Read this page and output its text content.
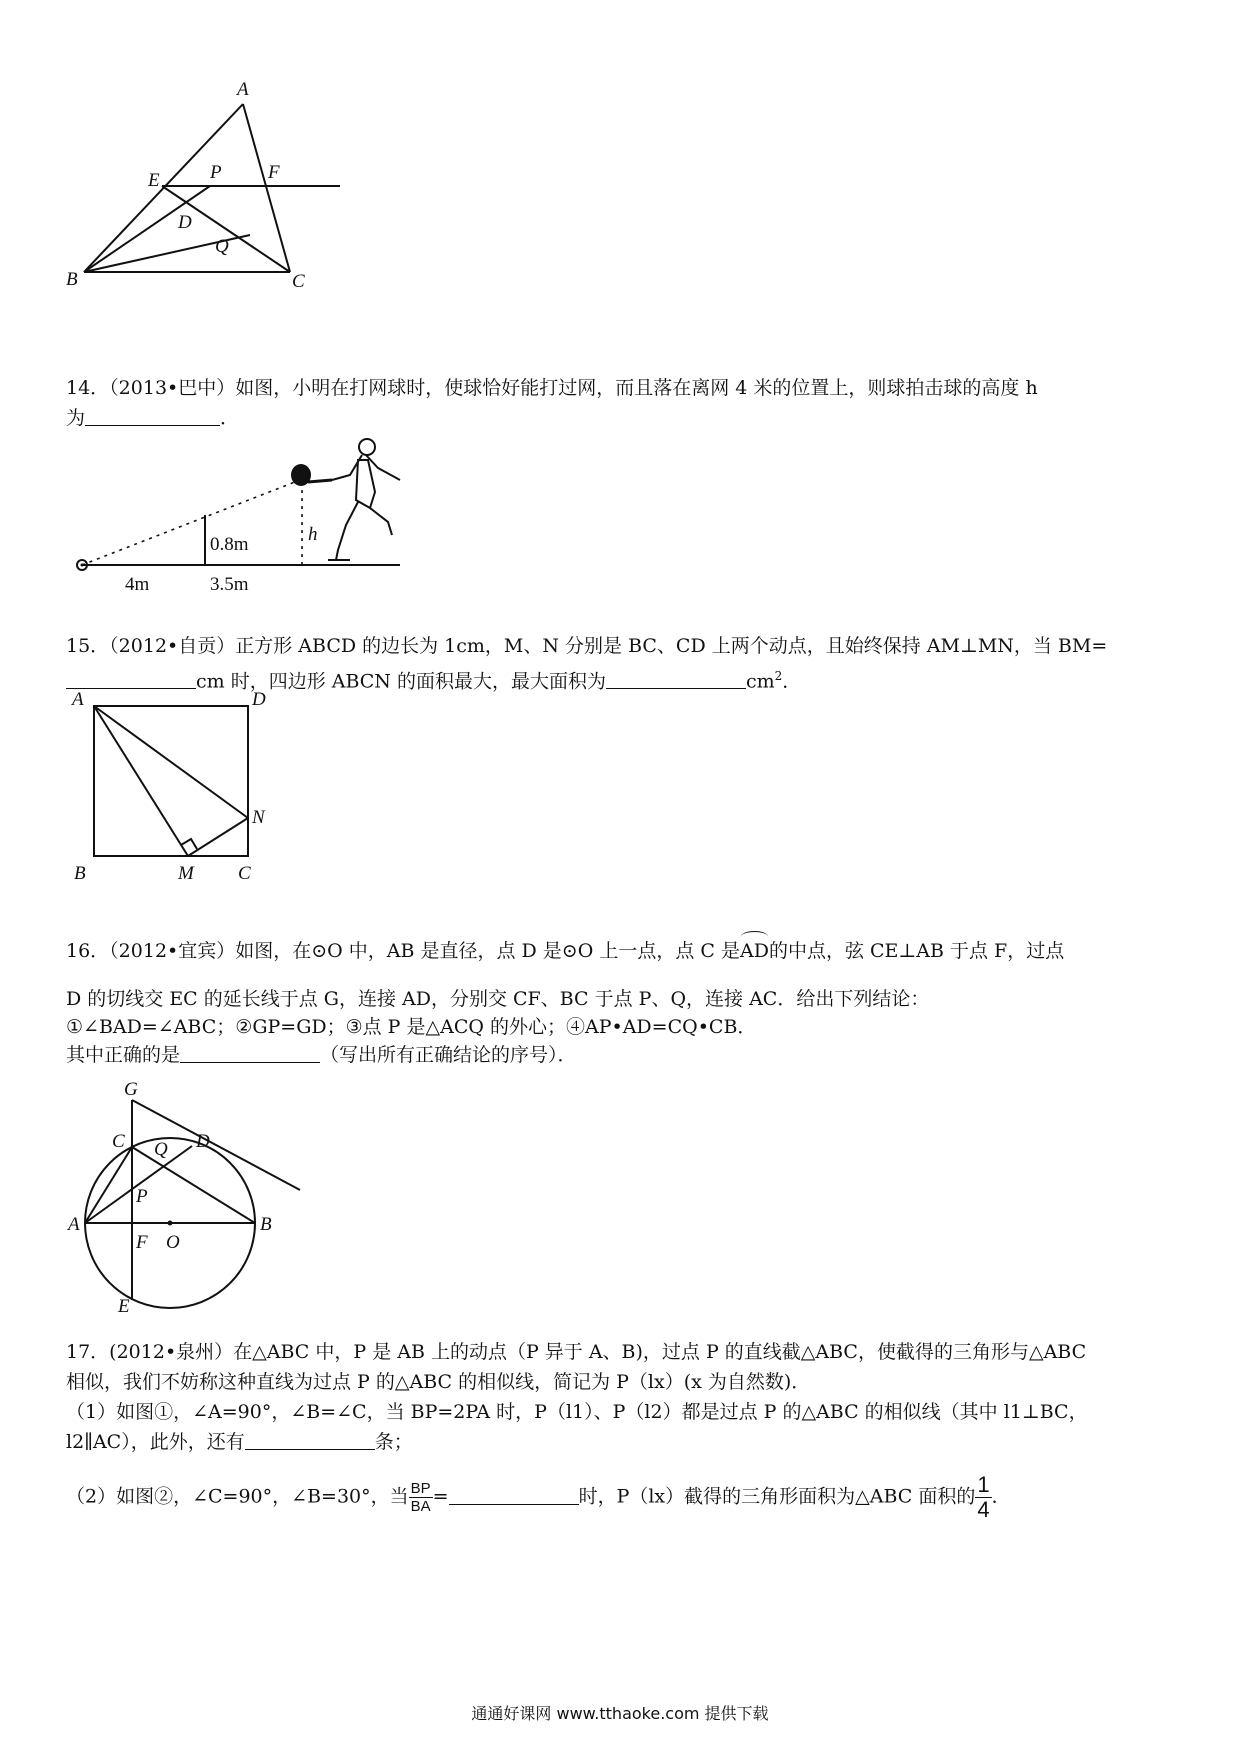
A
E	P F
D
Q
B	C
14．（2013•巴中）如图，小明在打网球时，使球恰好能打过网，而且落在离网 4 米的位置上，则球拍击球的高度 h
为	．
0.8m	h
4m	3.5m
15．（2012•自贡）正方形 ABCD 的边长为 1cm，M、N 分别是 BC、CD 上两个动点，且始终保持 AM⊥MN，当 BM=
cm 时，四边形 ABCN 的面积最大，最大面积为	$cm^2$．
A	D
N
B	M C
16．（2012•宜宾）如图，在⊙O 中，AB 是直径，点 D 是⊙O 上一点，点 C 是AD的中点，弦 CE⊥AB 于点 F，过点
D 的切线交 EC 的延长线于点 G，连接 AD，分别交 CF、BC 于点 P、Q，连接 AC．给出下列结论：
①∠BAD=∠ABC；②GP=GD；③点 P 是△ACQ 的外心；④AP•AD=CQ•CB．
其中正确的是	（写出所有正确结论的序号）．
G
C Q D
P
A
F O
B
E
17．(2012•泉州）在△ABC 中，P 是 AB 上的动点（P 异于 A、B)，过点 P 的直线截△ABC，使截得的三角形与△ABC
相似，我们不妨称这种直线为过点 P 的△ABC 的相似线，简记为 P（lx）(x 为自然数)．
（1）如图①，∠A=90°，∠B=∠C，当 BP=2PA 时，P（l1）、P（l2）都是过点 P 的△ABC 的相似线（其中 l1⊥BC，
l2∥AC），此外，还有	条；
（2）如图②，∠C=90°，∠B=30°，当 $\frac{BP}{BA}$ =	时，P（lx）截得的三角形面积为△ABC 面积的 $\frac{1}{4}$ ．
通通好课网 www.tthaoke.com 提供下载
